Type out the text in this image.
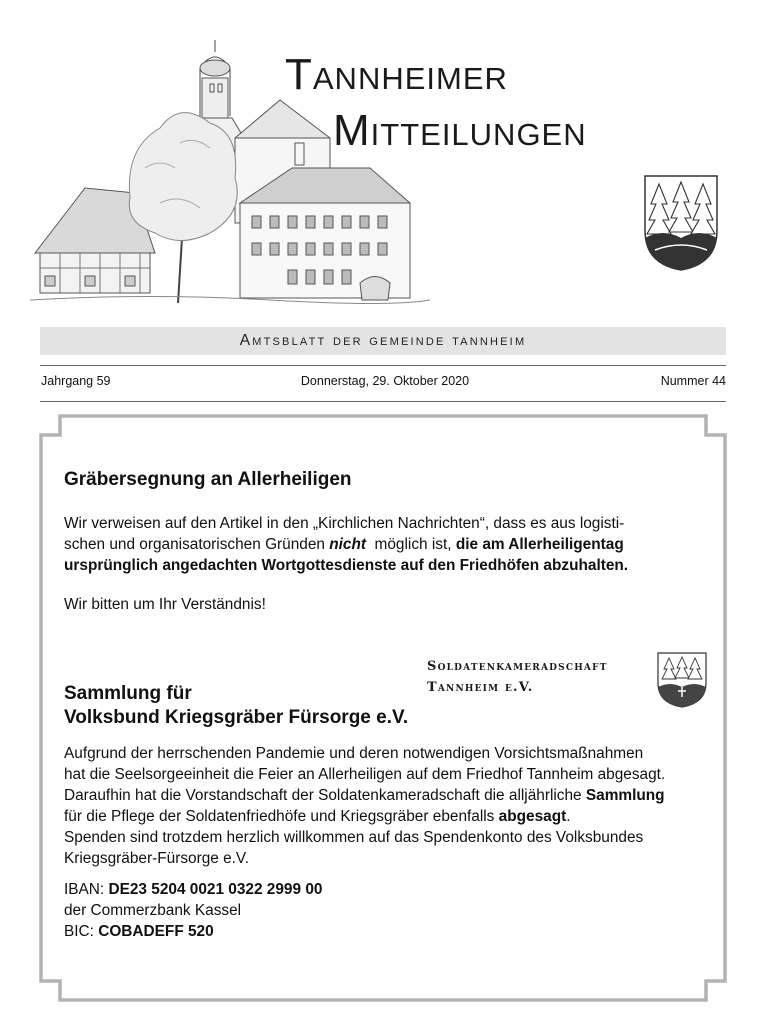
Tannheimer
Mitteilungen
Amtsblatt der gemeinde tannheim
Jahrgang 59	Donnerstag, 29. Oktober 2020	Nummer 44
Gräbersegnung an Allerheiligen
Wir verweisen auf den Artikel in den „Kirchlichen Nachrichten“, dass es aus logisti-
schen und organisatorischen Gründen nicht  möglich ist, die am Allerheiligentag
ursprünglich angedachten Wortgottesdienste auf den Friedhöfen abzuhalten.
Wir bitten um Ihr Verständnis!
Soldatenkameradschaft
Tannheim e.V.
Sammlung für
Volksbund Kriegsgräber Fürsorge e.V.
Aufgrund der herrschenden Pandemie und deren notwendigen Vorsichtsmaßnahmen
hat die Seelsorgeeinheit die Feier an Allerheiligen auf dem Friedhof Tannheim abgesagt.
Daraufhin hat die Vorstandschaft der Soldatenkameradschaft die alljährliche Sammlung
für die Pflege der Soldatenfriedhöfe und Kriegsgräber ebenfalls abgesagt.
Spenden sind trotzdem herzlich willkommen auf das Spendenkonto des Volksbundes
Kriegsgräber-Fürsorge e.V.
IBAN: DE23 5204 0021 0322 2999 00
der Commerzbank Kassel
BIC: COBADEFF 520
